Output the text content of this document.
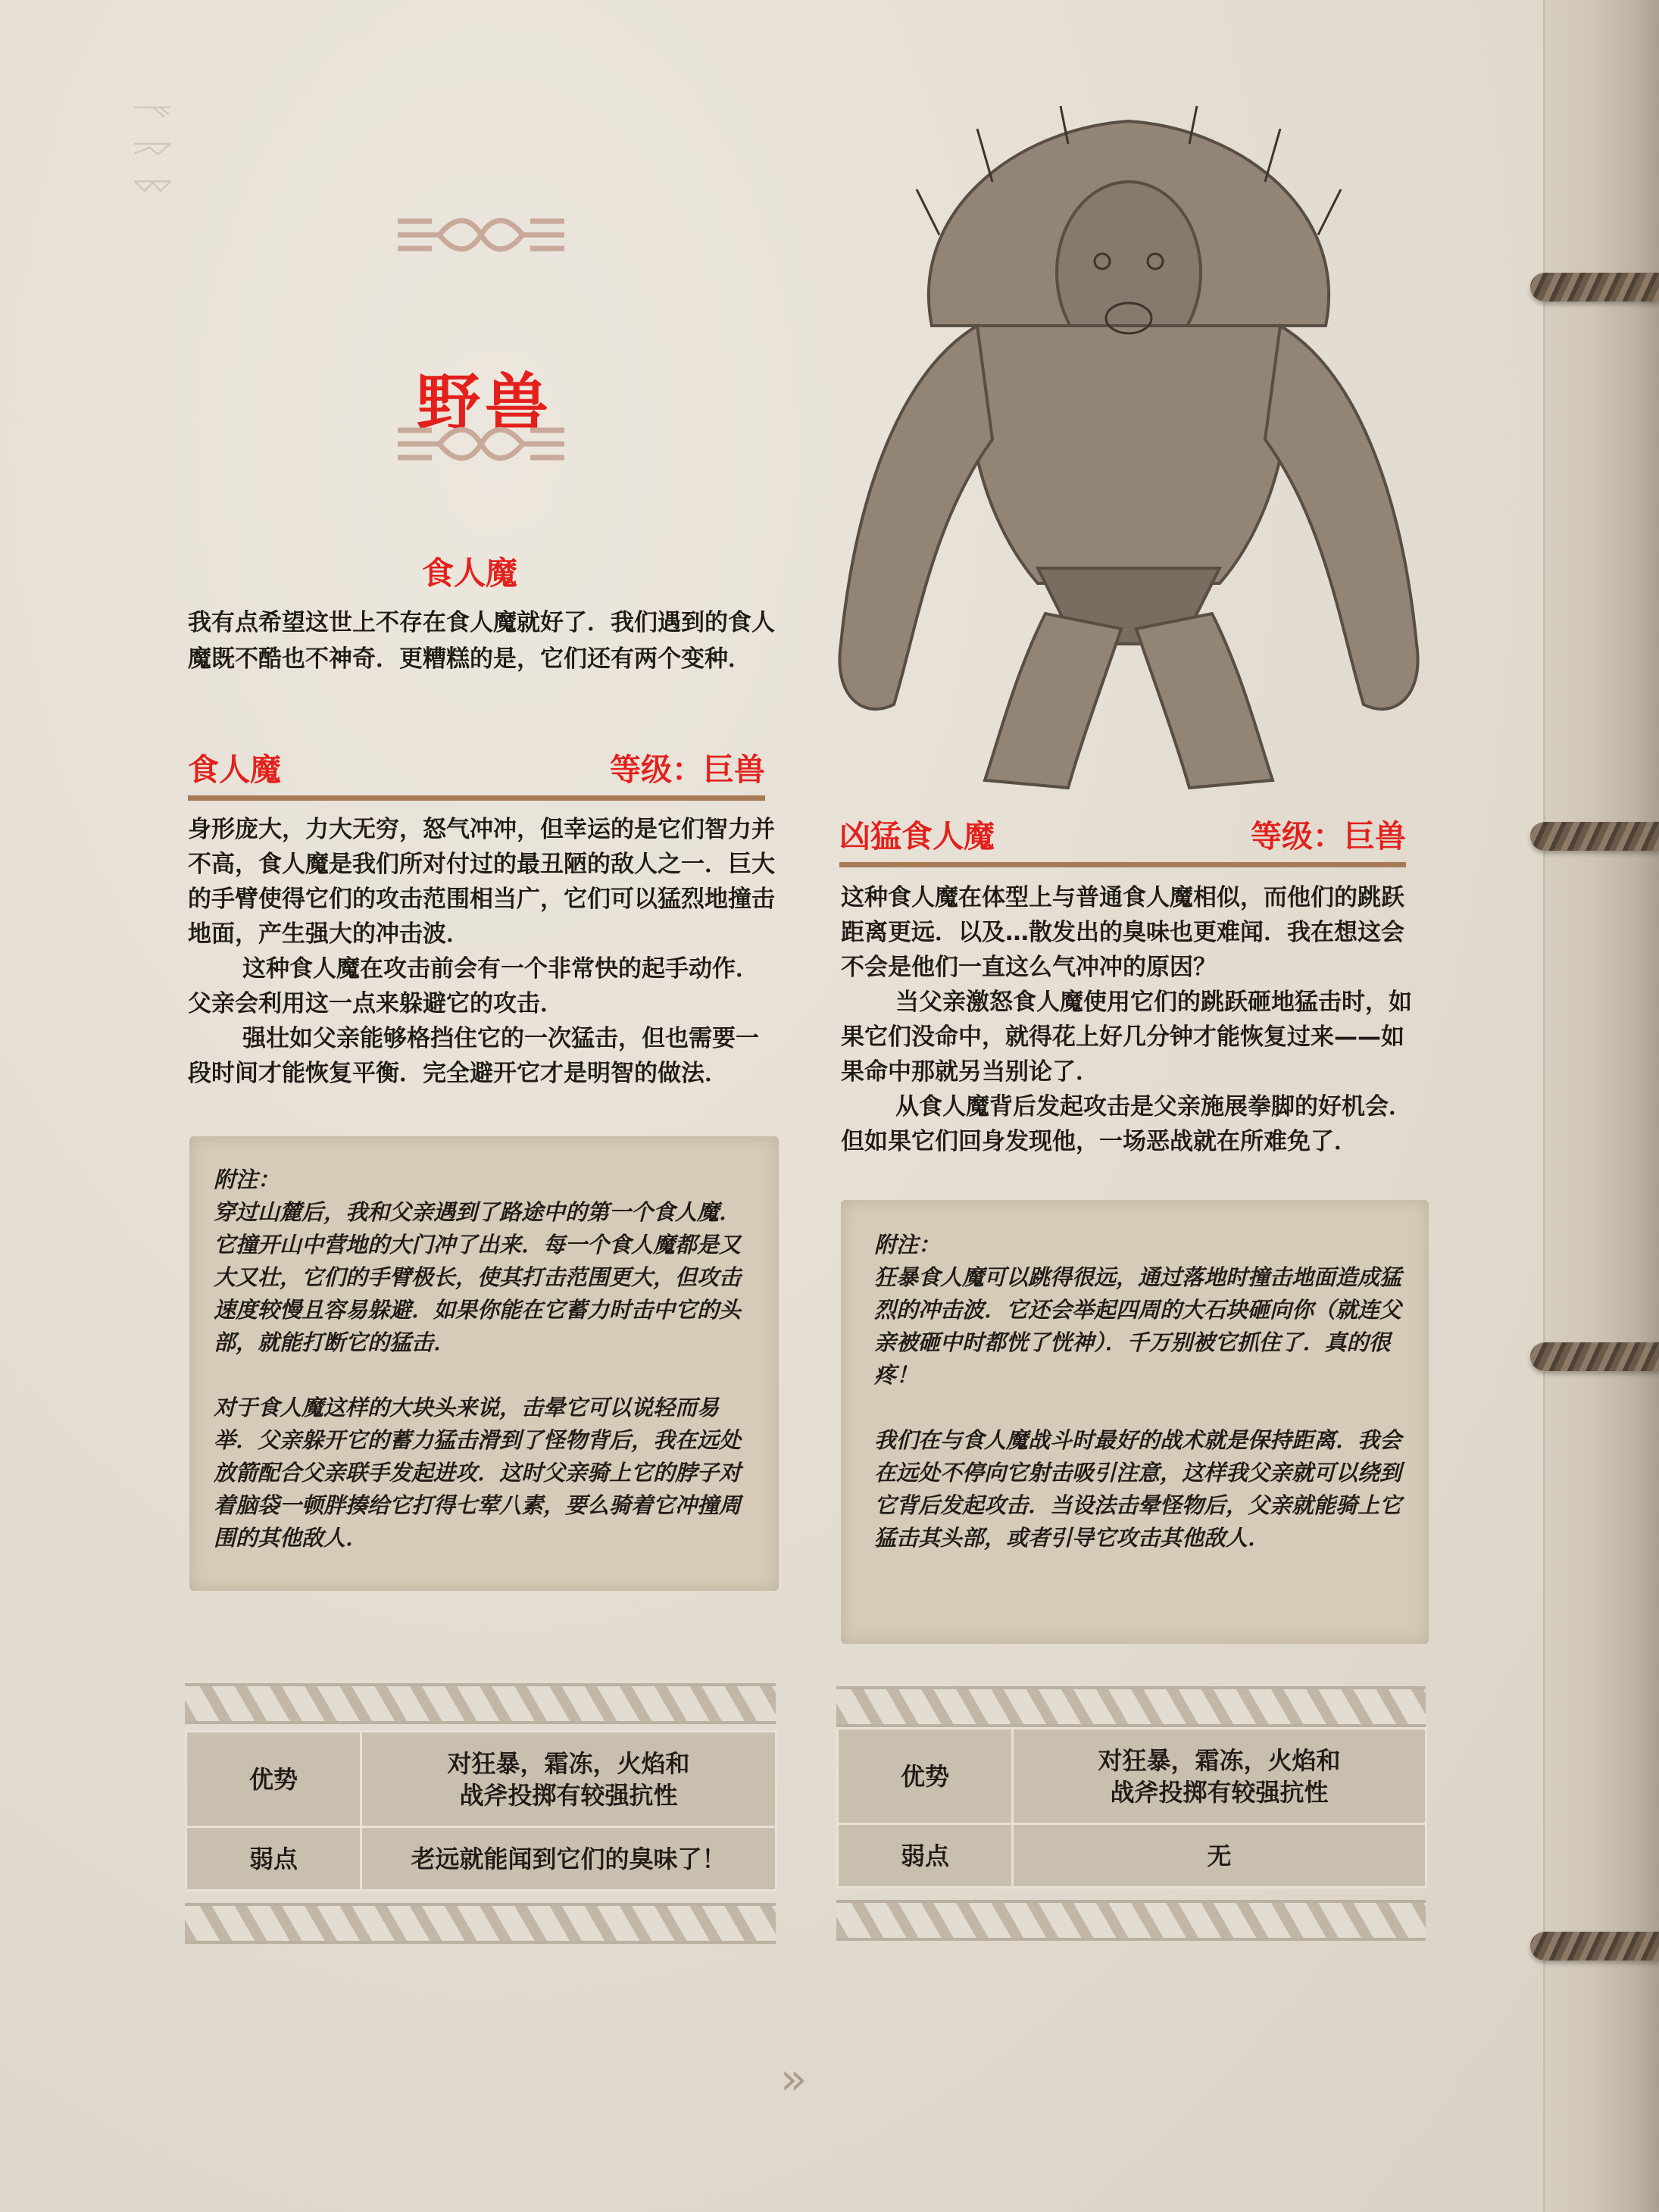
ᚠ ᚱ ᛒ
野兽
食人魔
我有点希望这世上不存在食人魔就好了．我们遇到的食人魔既不酷也不神奇．更糟糕的是，它们还有两个变种．
食人魔	等级：巨兽

身形庞大，力大无穷，怒气冲冲，但幸运的是它们智力并不高，食人魔是我们所对付过的最丑陋的敌人之一．巨大的手臂使得它们的攻击范围相当广，它们可以猛烈地撞击地面，产生强大的冲击波．

这种食人魔在攻击前会有一个非常快的起手动作．父亲会利用这一点来躲避它的攻击．

强壮如父亲能够格挡住它的一次猛击，但也需要一段时间才能恢复平衡．完全避开它才是明智的做法．

附注：

穿过山麓后，我和父亲遇到了路途中的第一个食人魔．它撞开山中营地的大门冲了出来．每一个食人魔都是又大又壮，它们的手臂极长，使其打击范围更大，但攻击速度较慢且容易躲避．如果你能在它蓄力时击中它的头部，就能打断它的猛击．

对于食人魔这样的大块头来说，击晕它可以说轻而易举．父亲躲开它的蓄力猛击滑到了怪物背后，我在远处放箭配合父亲联手发起进攻．这时父亲骑上它的脖子对着脑袋一顿胖揍给它打得七荤八素，要么骑着它冲撞周围的其他敌人．

优势	对狂暴，霜冻，火焰和
战斧投掷有较强抗性

弱点	老远就能闻到它们的臭味了！
凶猛食人魔	等级：巨兽

这种食人魔在体型上与普通食人魔相似，而他们的跳跃距离更远．以及…散发出的臭味也更难闻．我在想这会不会是他们一直这么气冲冲的原因？

当父亲激怒食人魔使用它们的跳跃砸地猛击时，如果它们没命中，就得花上好几分钟才能恢复过来——如果命中那就另当别论了．

从食人魔背后发起攻击是父亲施展拳脚的好机会．但如果它们回身发现他，一场恶战就在所难免了．

附注：

狂暴食人魔可以跳得很远，通过落地时撞击地面造成猛烈的冲击波．它还会举起四周的大石块砸向你（就连父亲被砸中时都恍了恍神）．千万别被它抓住了．真的很疼！

我们在与食人魔战斗时最好的战术就是保持距离．我会在远处不停向它射击吸引注意，这样我父亲就可以绕到它背后发起攻击．当设法击晕怪物后，父亲就能骑上它猛击其头部，或者引导它攻击其他敌人．

优势	对狂暴，霜冻，火焰和
战斧投掷有较强抗性

弱点	无
»
